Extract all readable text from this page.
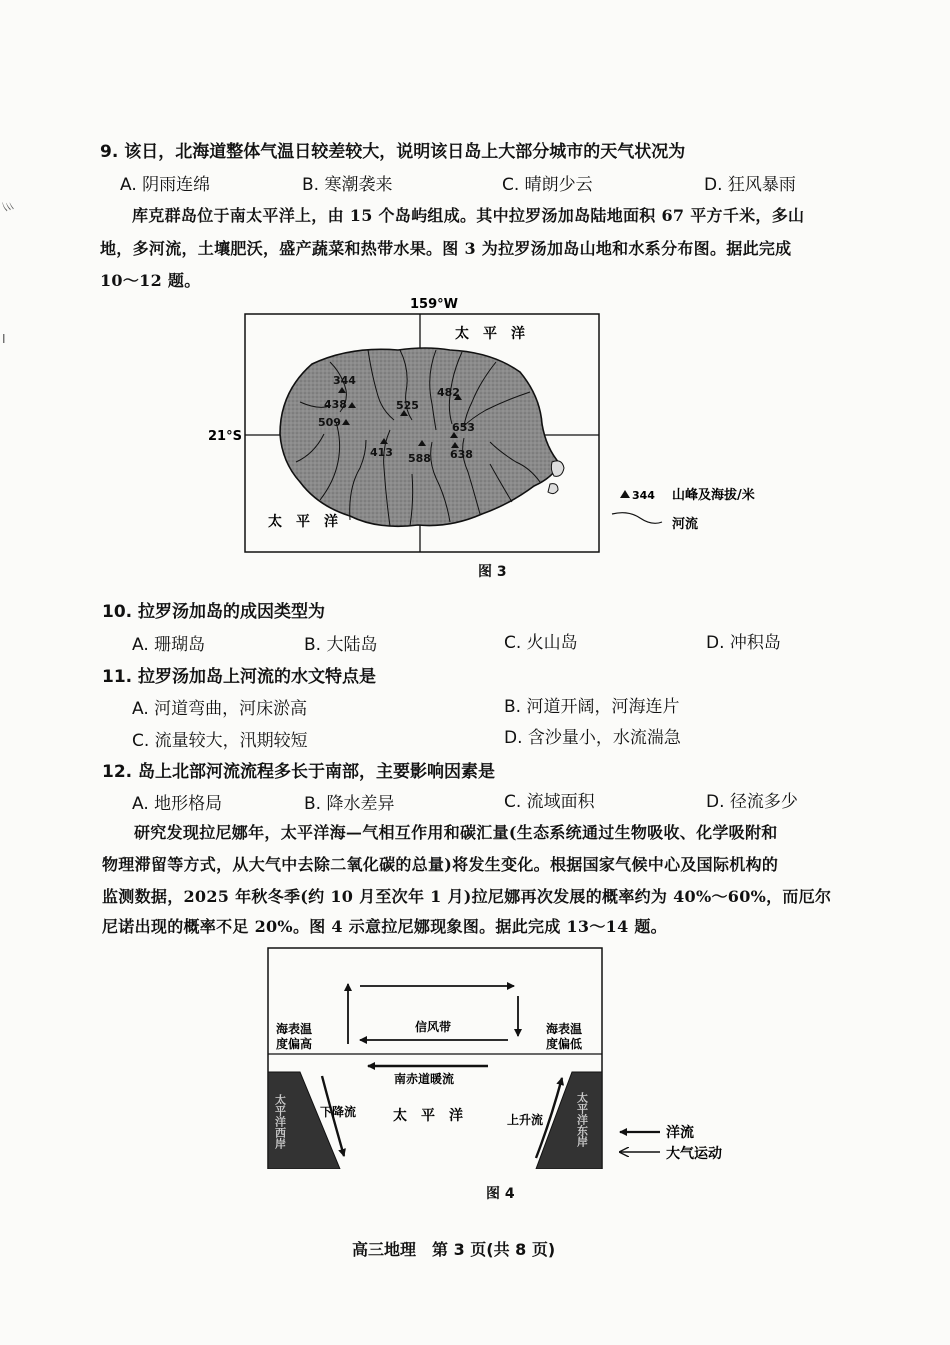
彡
I
9. 该日，北海道整体气温日较差较大，说明该日岛上大部分城市的天气状况为
A. 阴雨连绵	B. 寒潮袭来	C. 晴朗少云	D. 狂风暴雨
库克群岛位于南太平洋上，由 15 个岛屿组成。其中拉罗汤加岛陆地面积 67 平方千米，多山
地，多河流，土壤肥沃，盛产蔬菜和热带水果。图 3 为拉罗汤加岛山地和水系分布图。据此完成
10～12 题。
344
438
509
525
413 588
482
653
638
159°W
21°S
太　平　洋
太　平　洋
344 山峰及海拔/米
河流
图 3
10. 拉罗汤加岛的成因类型为
A. 珊瑚岛	B. 大陆岛	C. 火山岛	D. 冲积岛
11. 拉罗汤加岛上河流的水文特点是
A. 河道弯曲，河床淤高	B. 河道开阔，河海连片
C. 流量较大，汛期较短	D. 含沙量小，水流湍急
12. 岛上北部河流流程多长于南部，主要影响因素是
A. 地形格局	B. 降水差异	C. 流域面积	D. 径流多少
研究发现拉尼娜年，太平洋海—气相互作用和碳汇量(生态系统通过生物吸收、化学吸附和
物理滞留等方式，从大气中去除二氧化碳的总量)将发生变化。根据国家气候中心及国际机构的
监测数据，2025 年秋冬季(约 10 月至次年 1 月)拉尼娜再次发展的概率约为 40%～60%，而厄尔
尼诺出现的概率不足 20%。图 4 示意拉尼娜现象图。据此完成 13～14 题。
海表温
度偏高
海表温
度偏低
信风带
南赤道暖流
下降流	太　平　洋	上升流
太平洋西岸	太平洋东岸	洋流
大气运动
图 4
高三地理　第 3 页(共 8 页)
